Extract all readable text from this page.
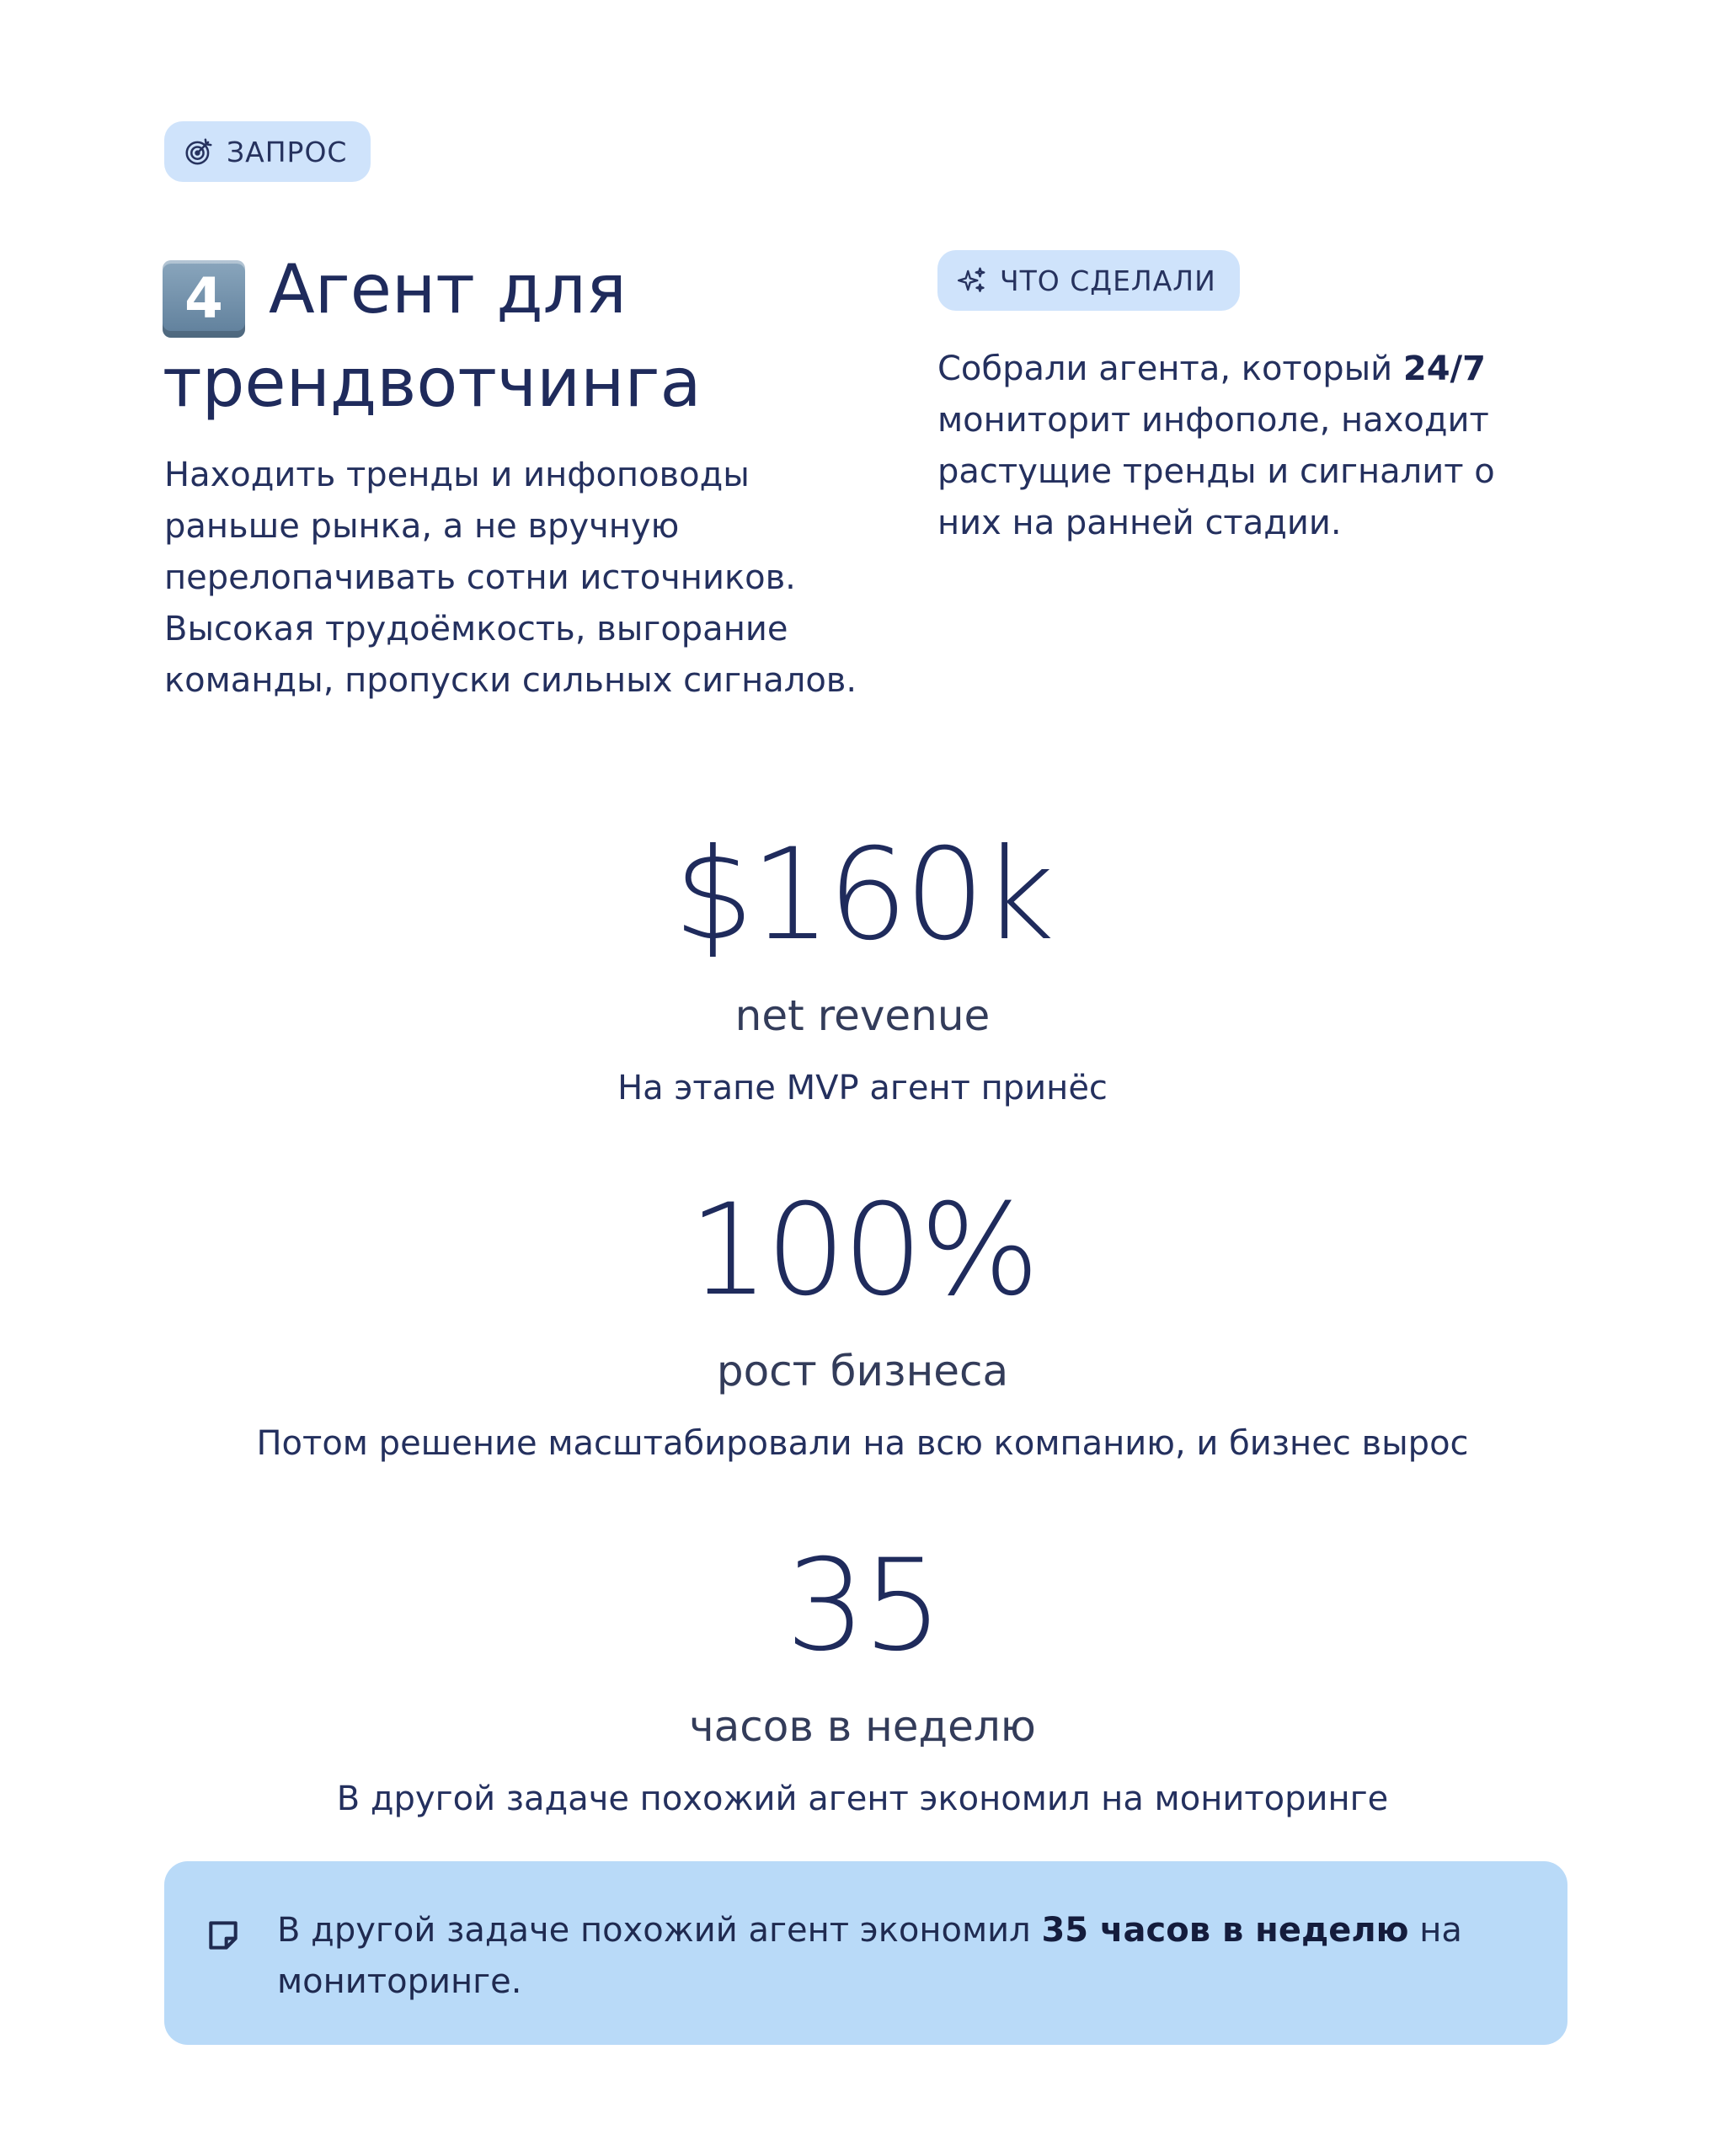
ЗАПРОС
4 Агент для
трендвотчинга

Находить тренды и инфоповоды раньше рынка, а не вручную перелопачивать сотни источников. Высокая трудоёмкость, выгорание команды, пропуски сильных сигналов.

ЧТО СДЕЛАЛИ

Собрали агента, который 24/7 мониторит инфополе, находит растущие тренды и сигналит о них на ранней стадии.

$160k
net revenue
На этапе MVP агент принёс
100%
рост бизнеса
Потом решение масштабировали на всю компанию, и бизнес вырос
35
часов в неделю
В другой задаче похожий агент экономил на мониторинге

В другой задаче похожий агент экономил 35 часов в неделю на мониторинге.
